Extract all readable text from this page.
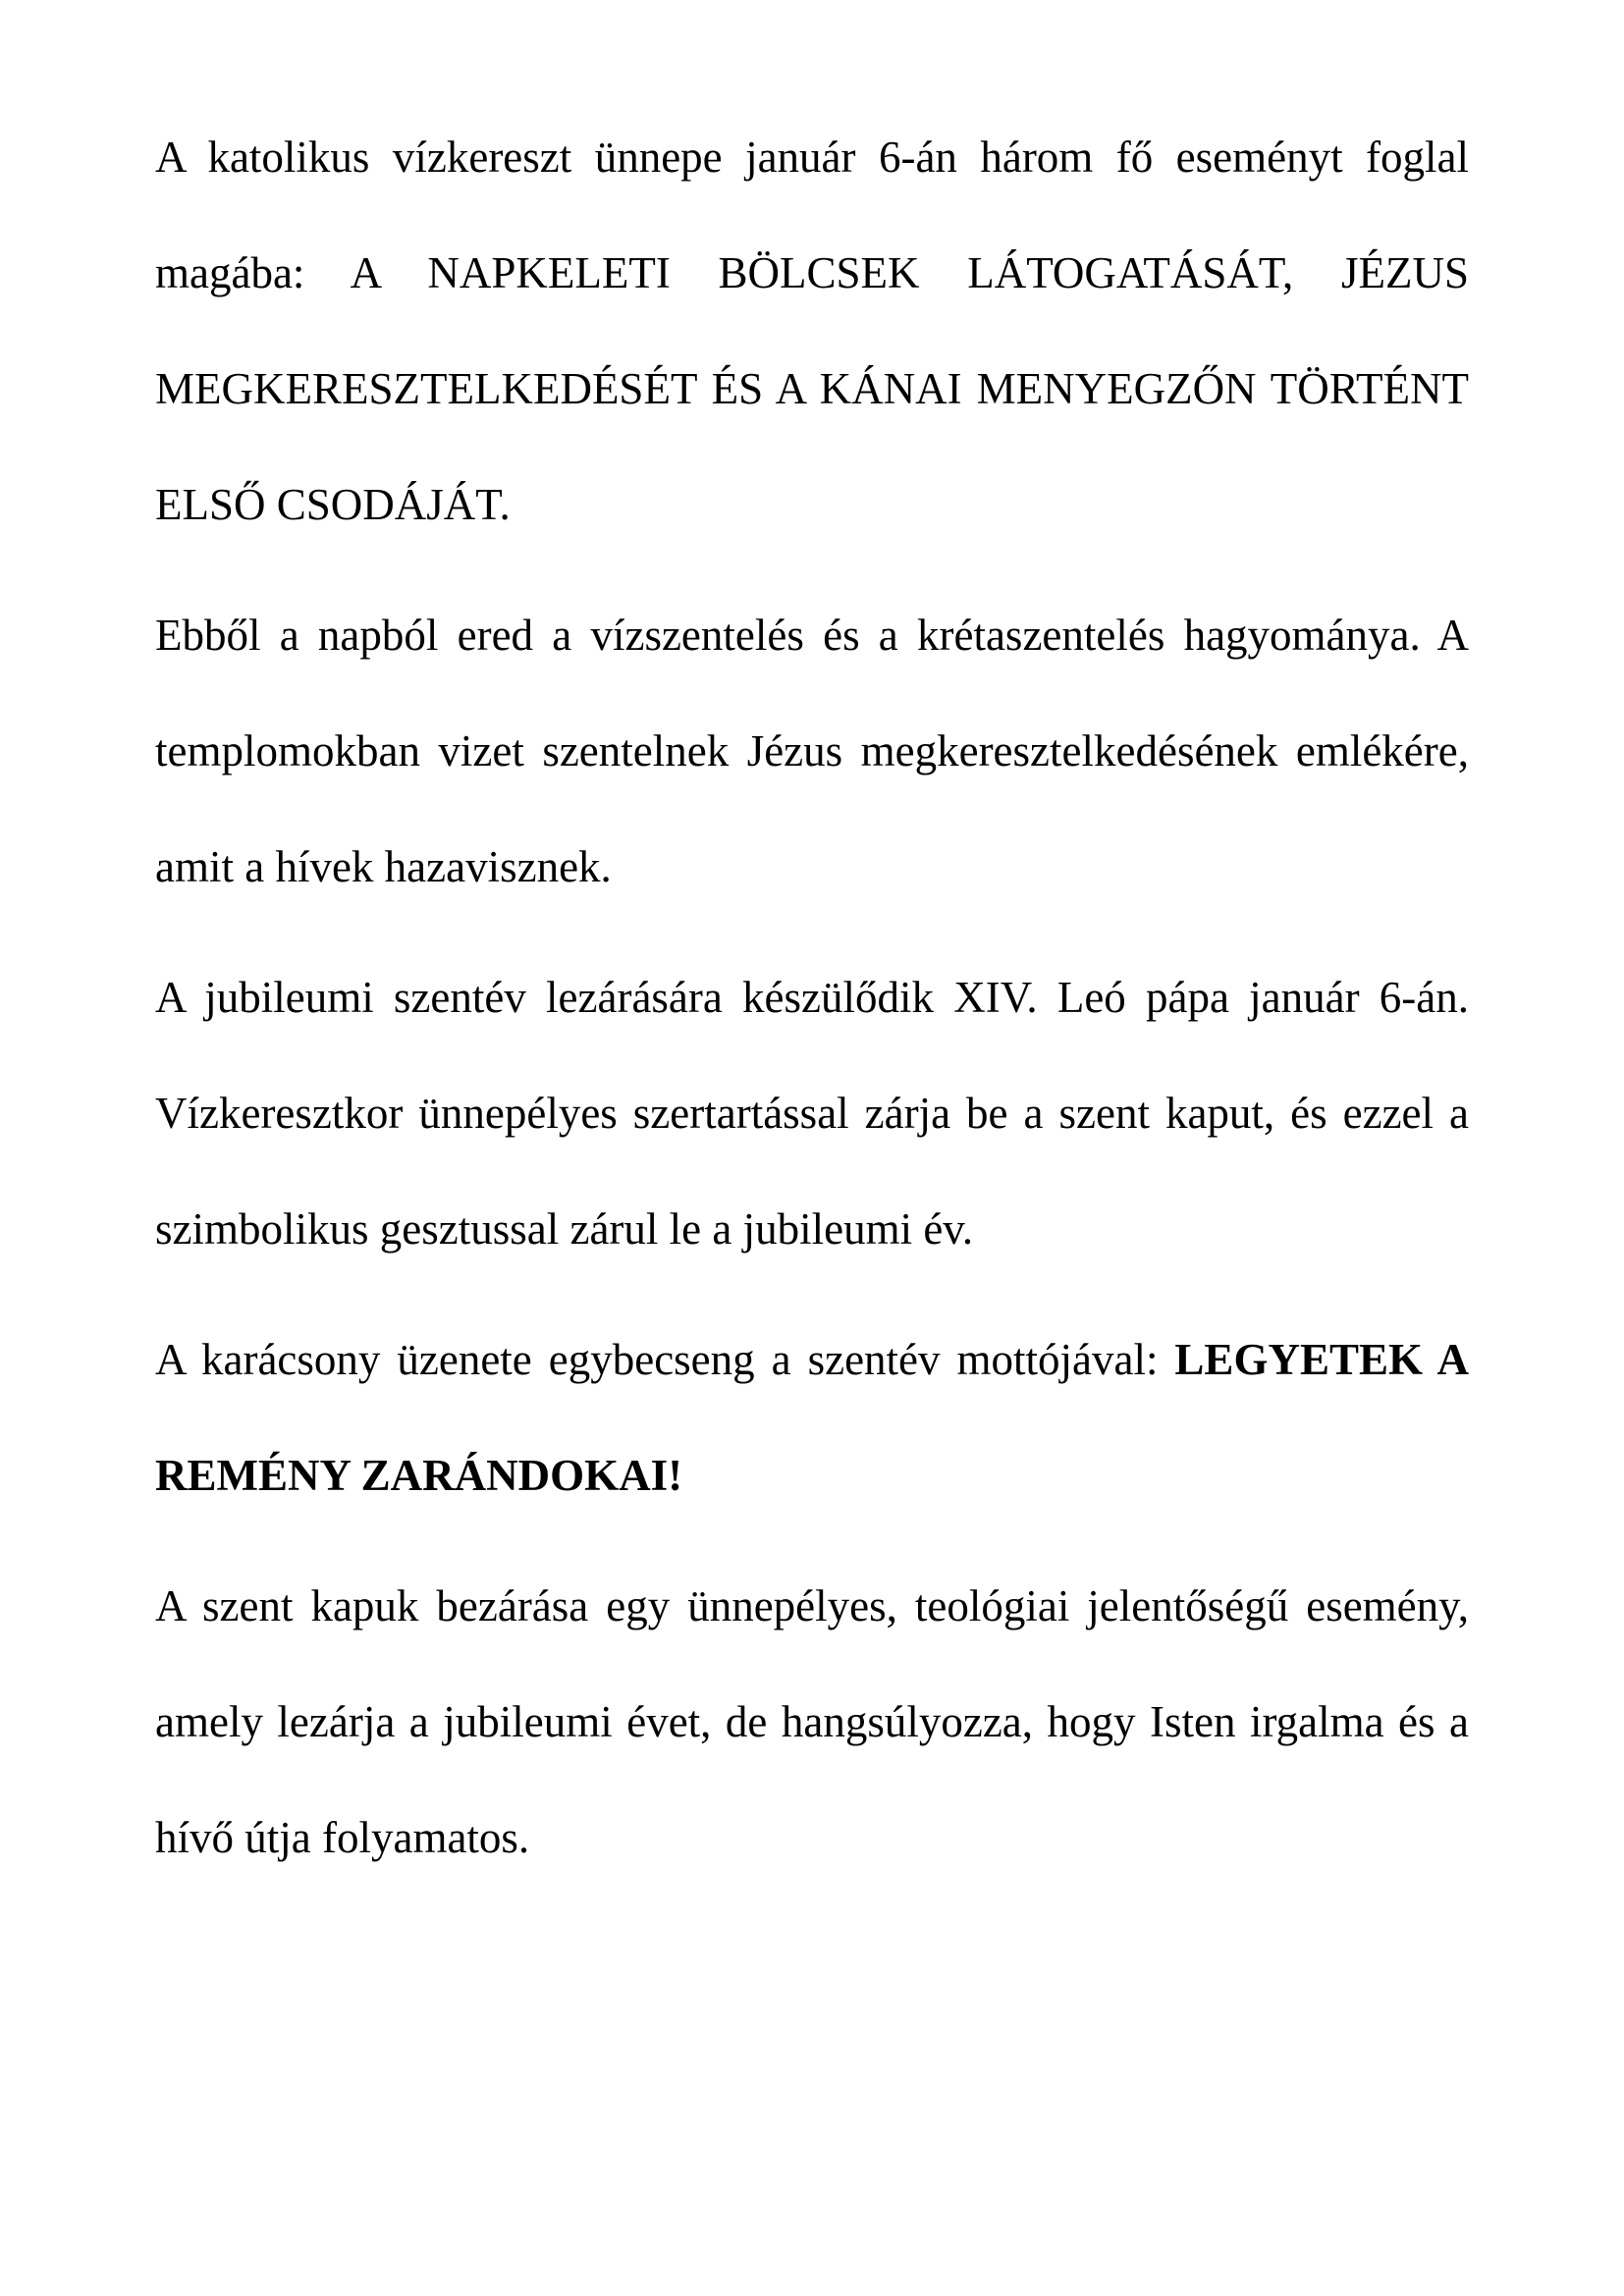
A katolikus vízkereszt ünnepe január 6-án három fő eseményt foglal magába: A NAPKELETI BÖLCSEK LÁTOGATÁSÁT, JÉZUS MEGKERESZTELKEDÉSÉT ÉS A KÁNAI MENYEGZŐN TÖRTÉNT ELSŐ CSODÁJÁT.

Ebből a napból ered a vízszentelés és a krétaszentelés hagyománya. A templomokban vizet szentelnek Jézus megkeresztelkedésének emlékére, amit a hívek hazavisznek.

A jubileumi szentév lezárására készülődik XIV. Leó pápa január 6-án. Vízkeresztkor ünnepélyes szertartással zárja be a szent kaput, és ezzel a szimbolikus gesztussal zárul le a jubileumi év.

A karácsony üzenete egybecseng a szentév mottójával: LEGYETEK A REMÉNY ZARÁNDOKAI!

A szent kapuk bezárása egy ünnepélyes, teológiai jelentőségű esemény, amely lezárja a jubileumi évet, de hangsúlyozza, hogy Isten irgalma és a hívő útja folyamatos.
